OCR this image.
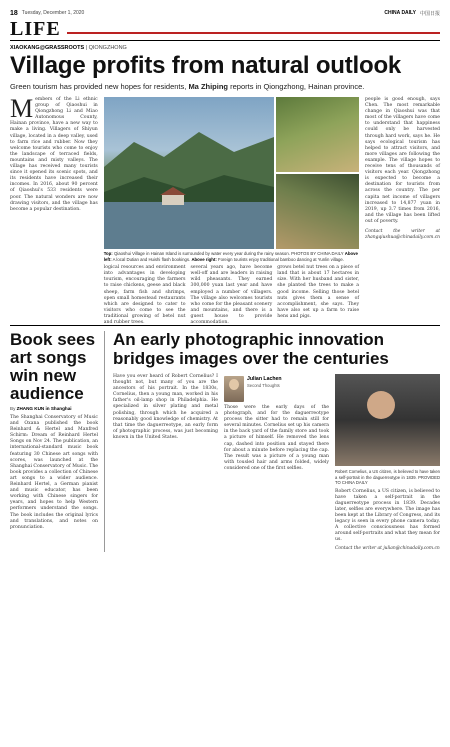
18 Tuesday, December 1, 2020	CHINA DAILY 中国日报
LIFE
XIAOKANG@GRASSROOTS | QIONGZHONG
Village profits from natural outlook
Green tourism has provided new hopes for residents, Ma Zhiping reports in Qiongzhong, Hainan province.
M embers of the Li ethnic group of Qiaoshui in Qiongzhong Li and Miao Autonomous County, Hainan province, have a new way to make a living. Villagers of Shiyun village, located in a deep valley, used to farm rice and rubber. Now they welcome tourists who come to enjoy the landscape of terraced fields, mountains and misty valleys. The village has received many tourists since it opened its scenic spots, and its residents have increased their incomes. In 2016, about 90 percent of Qiaoshui's 533 residents were poor. The natural wonders are now drawing visitors, and the village has become a popular destination.
Top: Qiaoshui Village in Hainan Island is surrounded by water every year during the rainy season. PHOTOS BY CHINA DAILY Above left: A local Dutian and Huishi flash bookings. Above right: Foreign tourists enjoy traditional bamboo dancing at Yunlin village.
logical resources and environment into advantages in developing tourism, encouraging the farmers to raise chickens, geese and black sheep, farm fish and shrimps, open small homestead restaurants which are designed to cater to visitors who come to see the traditional growing of betel nut and rubber trees.
several years ago, have become well-off and are leaders in raising wild pheasants. They earned 300,000 yuan last year and have employed a number of villagers. The village also welcomes tourists who come for the pleasant scenery and mountains, and there is a guest house to provide accommodation.
grows betel nut trees on a piece of land that is about 17 hectares in size. With her husband and sister, she planted the trees to make a good income. Selling those betel nuts gives them a sense of accomplishment, she says. They have also set up a farm to raise hens and pigs.
people is good enough, says Chen. The most remarkable change in Qiaoshui was that most of the villagers have come to understand that happiness could only be harvested through hard work, says he. He says ecological tourism has helped to attract visitors, and more villages are following the example. The village hopes to receive tens of thousands of visitors each year. Qiongzhong is expected to become a destination for tourists from across the country. The per capita net income of villagers increased to 14,877 yuan in 2019, up 3.7 times from 2016, and the village has been lifted out of poverty.
Contact the writer at zhangqiushua@chinadaily.com.cn
Book sees art songs win new audience
By ZHANG KUN in Shanghai
The Shanghai Conservatory of Music and Oxana published the book Reinhard & Hertel and Manfred Schirm: Dream of Reinhard Hertel Songs on Nov 24. The publication, an international-standard music book featuring 30 Chinese art songs with scores, was launched at the Shanghai Conservatory of Music. The book provides a collection of Chinese art songs to a wider audience. Reinhard Hertel, a German pianist and music educator, has been working with Chinese singers for years, and hopes to help Western performers understand the songs. The book includes the original lyrics and translations, and notes on pronunciation.
An early photographic innovation bridges images over the centuries
Have you ever heard of Robert Cornelius? I thought not, but many of you are the ancestors of his portrait. In the 1830s, Cornelius, then a young man, worked in his father's oil-lamp shop in Philadelphia. He specialized in silver plating and metal polishing, through which he acquired a reasonably good knowledge of chemistry. At that time the daguerreotype, an early form of photographic process, was just becoming known in the United States.
Julian Lachen
Second Thoughts
Those were the early days of the photograph, and for the daguerreotype process the sitter had to remain still for several minutes. Cornelius set up his camera in the back yard of the family store and took a picture of himself. He removed the lens cap, dashed into position and stayed there for about a minute before replacing the cap. The result was a picture of a young man with tousled hair and arms folded, widely considered one of the first selfies.
Robert Cornelius, a US citizen, is believed to have taken a self-portrait in the daguerreotype in 1839. PROVIDED TO CHINA DAILY
Robert Cornelius, a US citizen, is believed to have taken a self-portrait in the daguerreotype process in 1839. Decades later, selfies are everywhere. The image has been kept at the Library of Congress, and its legacy is seen in every phone camera today. A collective consciousness has formed around self-portraits and what they mean for us.
Contact the writer at julian@chinadaily.com.cn
